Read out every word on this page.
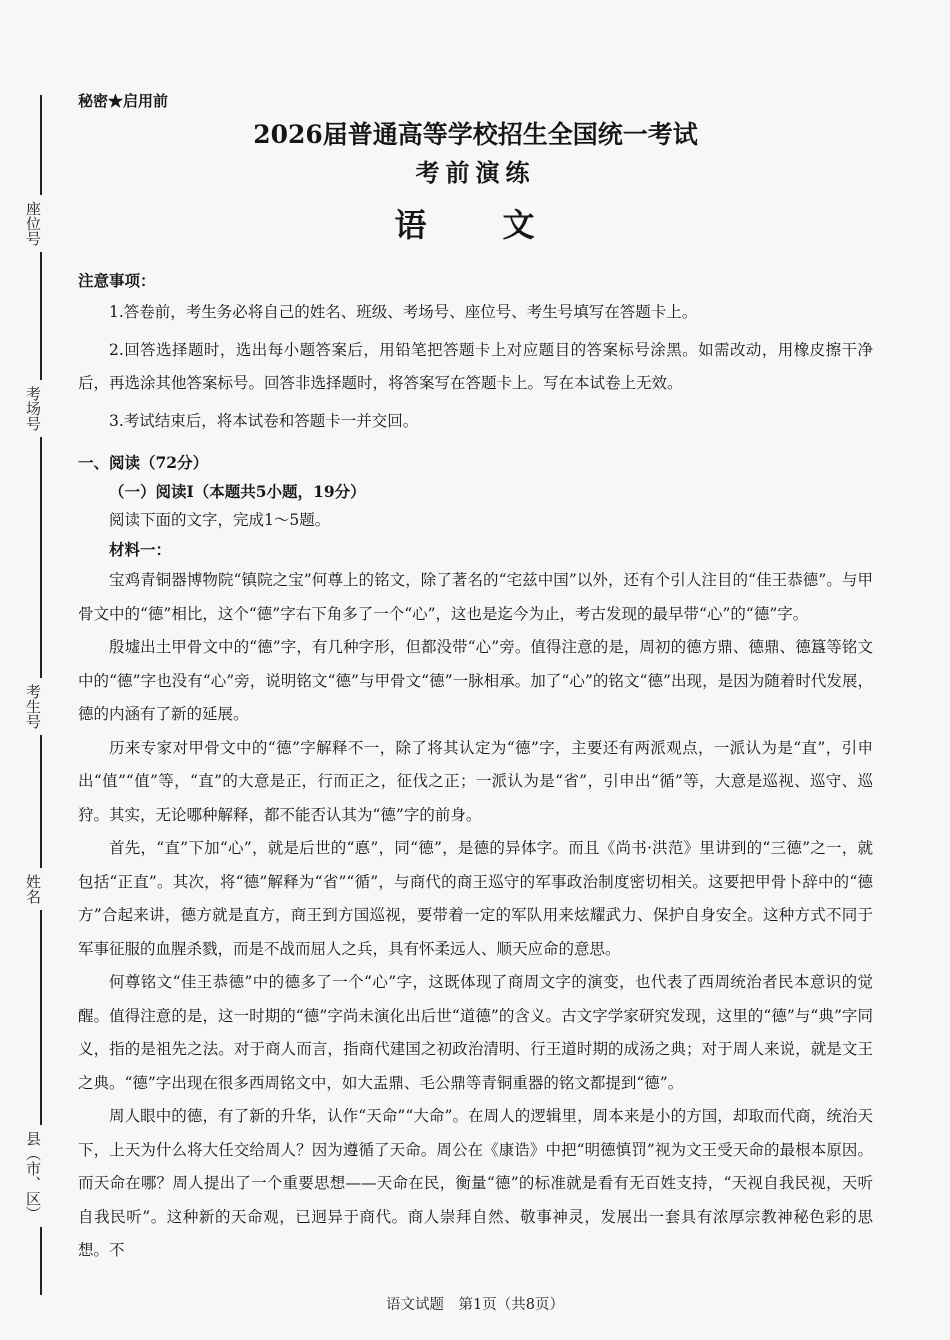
座位号
考场号
考生号
姓名
县（市、区）
秘密★启用前
2026届普通高等学校招生全国统一考试
考前演练
语　文
注意事项：

1.答卷前，考生务必将自己的姓名、班级、考场号、座位号、考生号填写在答题卡上。

2.回答选择题时，选出每小题答案后，用铅笔把答题卡上对应题目的答案标号涂黑。如需改动，用橡皮擦干净后，再选涂其他答案标号。回答非选择题时，将答案写在答题卡上。写在本试卷上无效。

3.考试结束后，将本试卷和答题卡一并交回。

一、阅读（72分）
（一）阅读Ⅰ（本题共5小题，19分）
阅读下面的文字，完成1～5题。
材料一：

宝鸡青铜器博物院“镇院之宝”何尊上的铭文，除了著名的“宅兹中国”以外，还有个引人注目的“佳王恭德”。与甲骨文中的“德”相比，这个“德”字右下角多了一个“心”，这也是迄今为止，考古发现的最早带“心”的“德”字。

殷墟出土甲骨文中的“德”字，有几种字形，但都没带“心”旁。值得注意的是，周初的德方鼎、德鼎、德簋等铭文中的“德”字也没有“心”旁，说明铭文“德”与甲骨文“德”一脉相承。加了“心”的铭文“德”出现，是因为随着时代发展，德的内涵有了新的延展。

历来专家对甲骨文中的“德”字解释不一，除了将其认定为“德”字，主要还有两派观点，一派认为是“直”，引申出“值”“值”等，“直”的大意是正，行而正之，征伐之正；一派认为是“省”，引申出“循”等，大意是巡视、巡守、巡狩。其实，无论哪种解释，都不能否认其为“德”字的前身。

首先，“直”下加“心”，就是后世的“悳”，同“德”，是德的异体字。而且《尚书·洪范》里讲到的“三德”之一，就包括“正直”。其次，将“德”解释为“省”“循”，与商代的商王巡守的军事政治制度密切相关。这要把甲骨卜辞中的“德方”合起来讲，德方就是直方，商王到方国巡视，要带着一定的军队用来炫耀武力、保护自身安全。这种方式不同于军事征服的血腥杀戮，而是不战而屈人之兵，具有怀柔远人、顺天应命的意思。

何尊铭文“佳王恭德”中的德多了一个“心”字，这既体现了商周文字的演变，也代表了西周统治者民本意识的觉醒。值得注意的是，这一时期的“德”字尚未演化出后世“道德”的含义。古文字学家研究发现，这里的“德”与“典”字同义，指的是祖先之法。对于商人而言，指商代建国之初政治清明、行王道时期的成汤之典；对于周人来说，就是文王之典。“德”字出现在很多西周铭文中，如大盂鼎、毛公鼎等青铜重器的铭文都提到“德”。

周人眼中的德，有了新的升华，认作“天命”“大命”。在周人的逻辑里，周本来是小的方国，却取而代商，统治天下，上天为什么将大任交给周人？因为遵循了天命。周公在《康诰》中把“明德慎罚”视为文王受天命的最根本原因。而天命在哪？周人提出了一个重要思想——天命在民，衡量“德”的标准就是看有无百姓支持，“天视自我民视，天听自我民听”。这种新的天命观，已迥异于商代。商人崇拜自然、敬事神灵，发展出一套具有浓厚宗教神秘色彩的思想。不

语文试题　第1页（共8页）
